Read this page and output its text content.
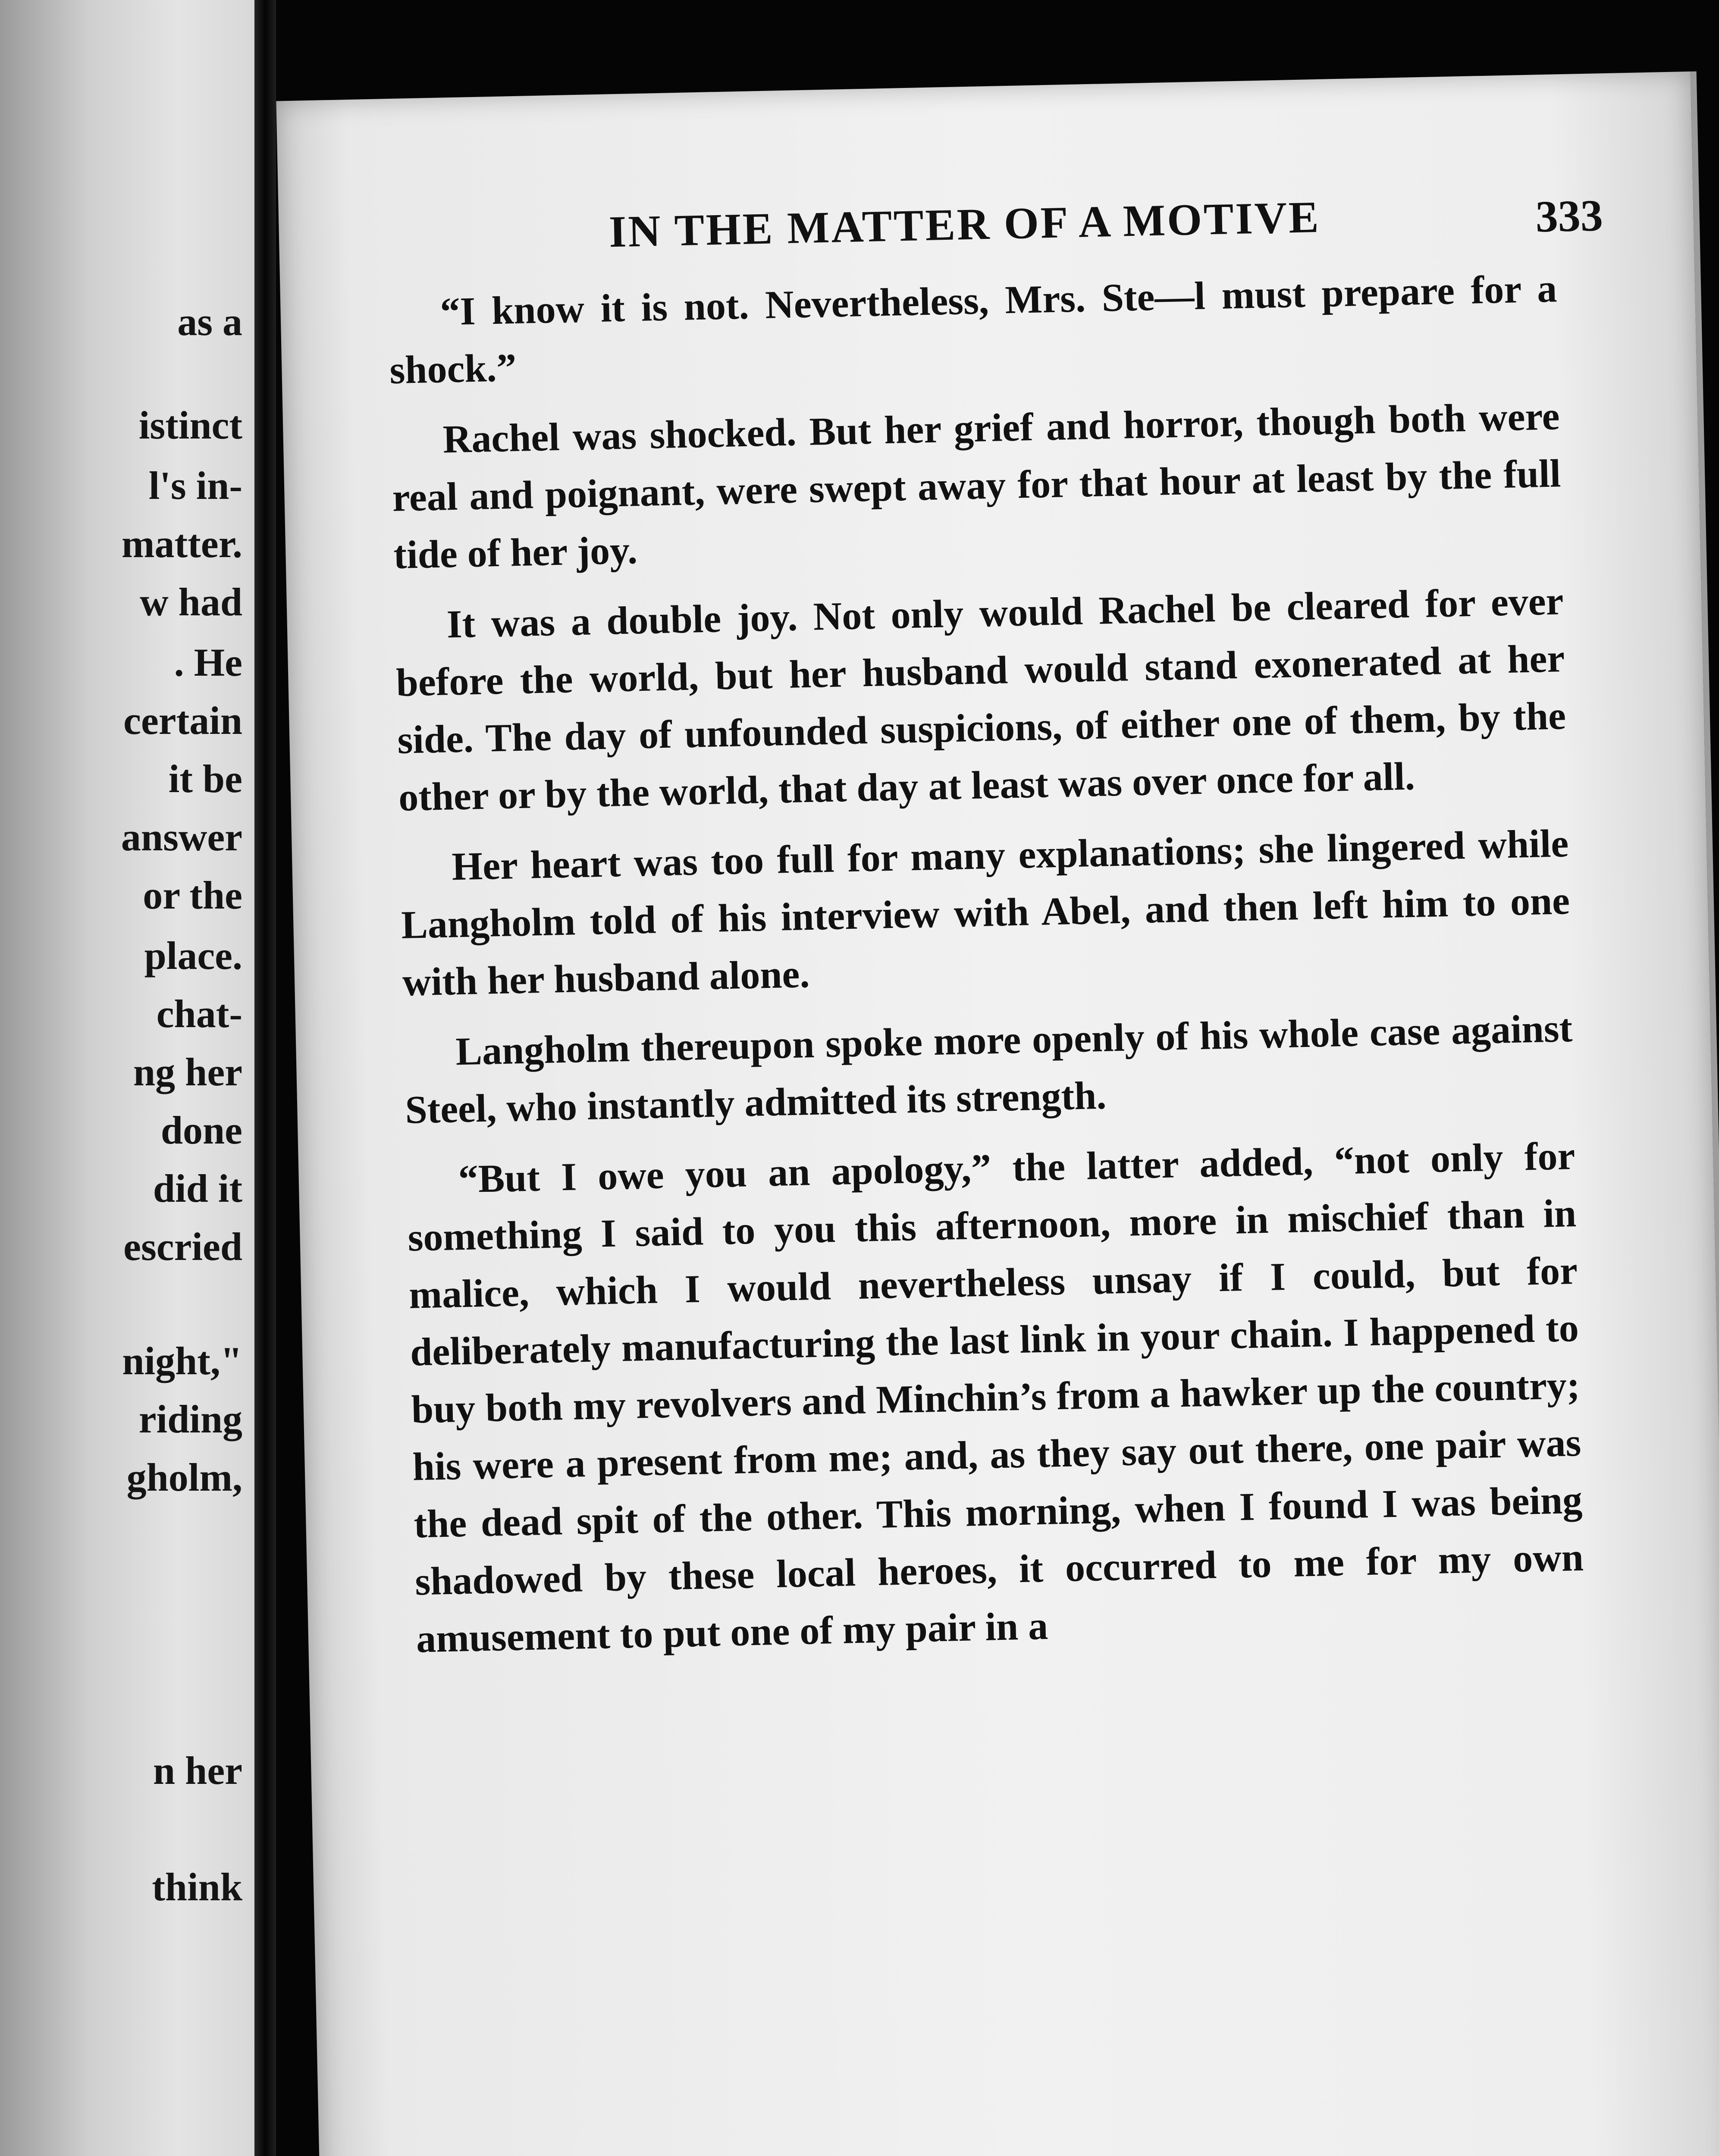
as a
istinct
l's in-
matter.
w had
. He
certain
it be
answer
or the
place.
chat-
ng her
done
did it
escried
night,"
riding
gholm,
n her
think
IN THE MATTER OF A MOTIVE	333

“I know it is not. Nevertheless, Mrs. Ste—l must prepare for a shock.”

Rachel was shocked. But her grief and horror, though both were real and poignant, were swept away for that hour at least by the full tide of her joy.

It was a double joy. Not only would Rachel be cleared for ever before the world, but her husband would stand exonerated at her side. The day of unfounded suspicions, of either one of them, by the other or by the world, that day at least was over once for all.

Her heart was too full for many explanations; she lingered while Langholm told of his interview with Abel, and then left him to one with her husband alone.

Langholm thereupon spoke more openly of his whole case against Steel, who instantly admitted its strength.

“But I owe you an apology,” the latter added, “not only for something I said to you this afternoon, more in mischief than in malice, which I would nevertheless unsay if I could, but for deliberately manufacturing the last link in your chain. I happened to buy both my revolvers and Minchin’s from a hawker up the country; his were a present from me; and, as they say out there, one pair was the dead spit of the other. This morning, when I found I was being shadowed by these local heroes, it occurred to me for my own amusement to put one of my pair in a
